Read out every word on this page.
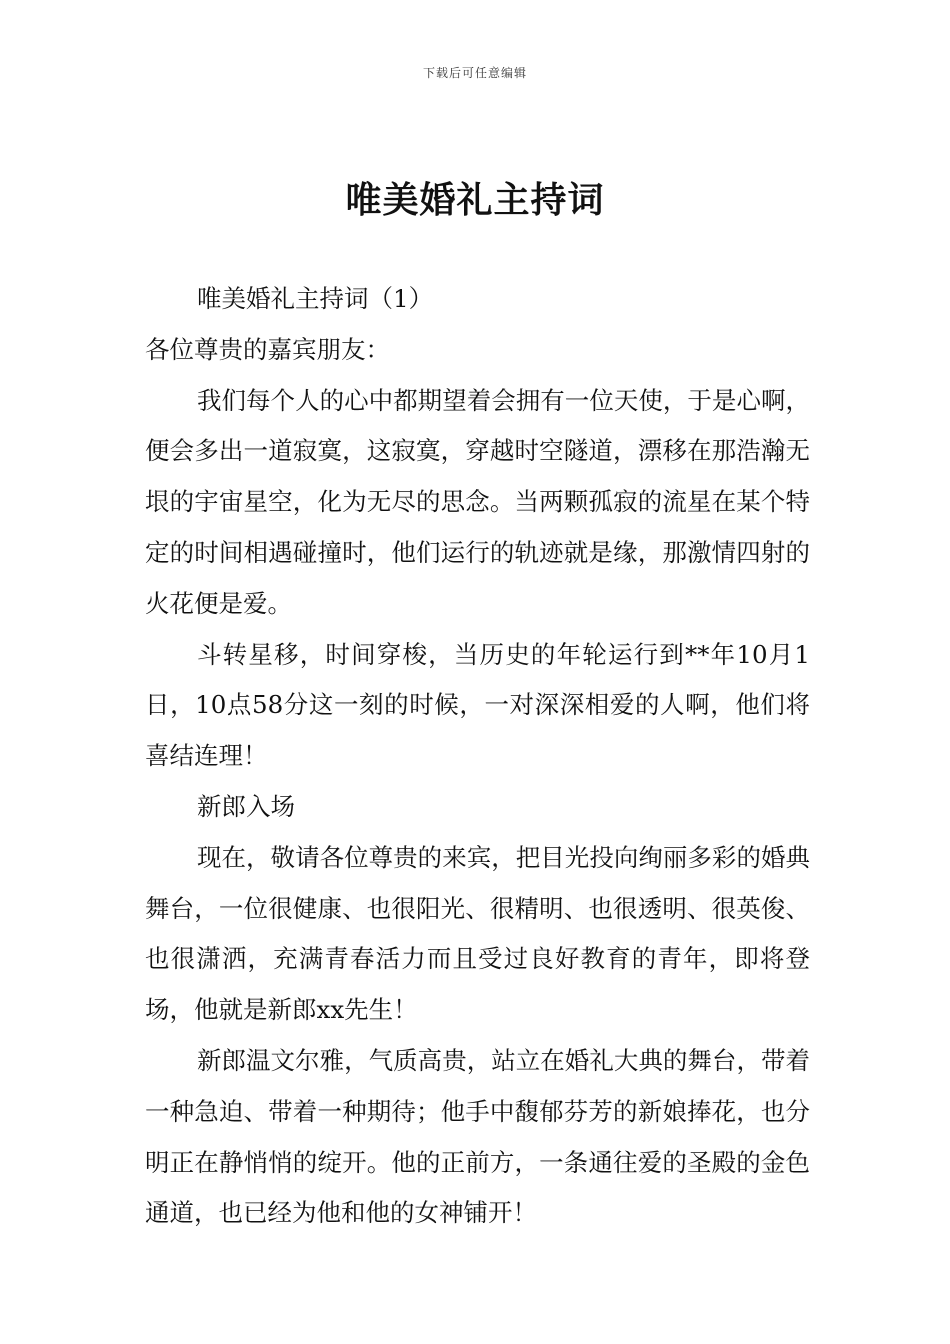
下载后可任意编辑
唯美婚礼主持词

唯美婚礼主持词（1）

各位尊贵的嘉宾朋友：

我们每个人的心中都期望着会拥有一位天使，于是心啊，便会多出一道寂寞，这寂寞，穿越时空隧道，漂移在那浩瀚无垠的宇宙星空，化为无尽的思念。当两颗孤寂的流星在某个特定的时间相遇碰撞时，他们运行的轨迹就是缘，那激情四射的火花便是爱。

斗转星移，时间穿梭，当历史的年轮运行到**年10月1日，10点58分这一刻的时候，一对深深相爱的人啊，他们将喜结连理！

新郎入场

现在，敬请各位尊贵的来宾，把目光投向绚丽多彩的婚典舞台，一位很健康、也很阳光、很精明、也很透明、很英俊、也很潇洒，充满青春活力而且受过良好教育的青年，即将登场，他就是新郎xx先生！

新郎温文尔雅，气质高贵，站立在婚礼大典的舞台，带着一种急迫、带着一种期待；他手中馥郁芬芳的新娘捧花，也分明正在静悄悄的绽开。他的正前方，一条通往爱的圣殿的金色通道，也已经为他和他的女神铺开！
